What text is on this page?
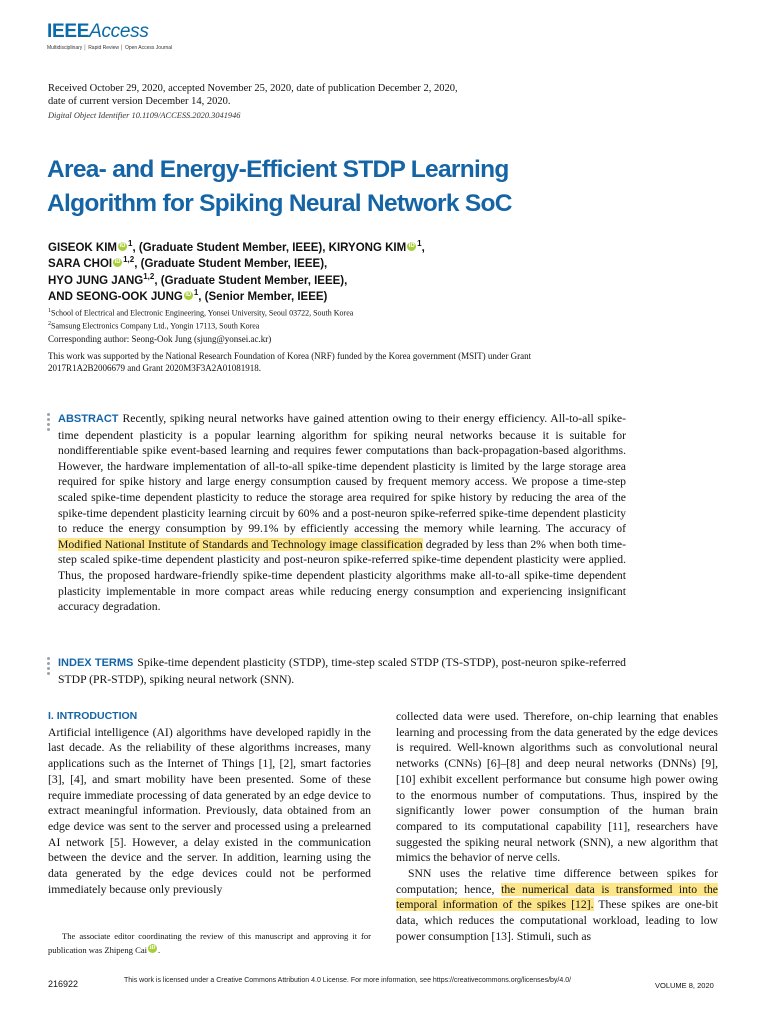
IEEEAccess
Multidisciplinary │ Rapid Review │ Open Access Journal
Received October 29, 2020, accepted November 25, 2020, date of publication December 2, 2020,
date of current version December 14, 2020.
Digital Object Identifier 10.1109/ACCESS.2020.3041946
Area- and Energy-Efficient STDP Learning
Algorithm for Spiking Neural Network SoC
GISEOK KIM iD $^1$, (Graduate Student Member, IEEE), KIRYONG KIM iD $^1$,
SARA CHOI iD $^{1,2}$, (Graduate Student Member, IEEE),
HYO JUNG JANG$^{1,2}$, (Graduate Student Member, IEEE),
AND SEONG-OOK JUNG iD $^1$, (Senior Member, IEEE)
$^1$School of Electrical and Electronic Engineering, Yonsei University, Seoul 03722, South Korea
$^2$Samsung Electronics Company Ltd., Yongin 17113, South Korea
Corresponding author: Seong-Ook Jung (sjung@yonsei.ac.kr)
This work was supported by the National Research Foundation of Korea (NRF) funded by the Korea government (MSIT) under Grant 2017R1A2B2006679 and Grant 2020M3F3A2A01081918.
ABSTRACT Recently, spiking neural networks have gained attention owing to their energy efficiency. All-to-all spike-time dependent plasticity is a popular learning algorithm for spiking neural networks because it is suitable for nondifferentiable spike event-based learning and requires fewer computations than back-propagation-based algorithms. However, the hardware implementation of all-to-all spike-time dependent plasticity is limited by the large storage area required for spike history and large energy consumption caused by frequent memory access. We propose a time-step scaled spike-time dependent plasticity to reduce the storage area required for spike history by reducing the area of the spike-time dependent plasticity learning circuit by 60% and a post-neuron spike-referred spike-time dependent plasticity to reduce the energy consumption by 99.1% by efficiently accessing the memory while learning. The accuracy of Modified National Institute of Standards and Technology image classification degraded by less than 2% when both time-step scaled spike-time dependent plasticity and post-neuron spike-referred spike-time dependent plasticity were applied. Thus, the proposed hardware-friendly spike-time dependent plasticity algorithms make all-to-all spike-time dependent plasticity implementable in more compact areas while reducing energy consumption and experiencing insignificant accuracy degradation.
INDEX TERMS Spike-time dependent plasticity (STDP), time-step scaled STDP (TS-STDP), post-neuron spike-referred STDP (PR-STDP), spiking neural network (SNN).
I. INTRODUCTION
Artificial intelligence (AI) algorithms have developed rapidly in the last decade. As the reliability of these algorithms increases, many applications such as the Internet of Things [1], [2], smart factories [3], [4], and smart mobility have been presented. Some of these require immediate processing of data generated by an edge device to extract meaningful information. Previously, data obtained from an edge device was sent to the server and processed using a prelearned AI network [5]. However, a delay existed in the communication between the device and the server. In addition, learning using the data generated by the edge devices could not be performed immediately because only previously
The associate editor coordinating the review of this manuscript and approving it for publication was Zhipeng Cai iD .
collected data were used. Therefore, on-chip learning that enables learning and processing from the data generated by the edge devices is required. Well-known algorithms such as convolutional neural networks (CNNs) [6]–[8] and deep neural networks (DNNs) [9], [10] exhibit excellent performance but consume high power owing to the enormous number of computations. Thus, inspired by the significantly lower power consumption of the human brain compared to its computational capability [11], researchers have suggested the spiking neural network (SNN), a new algorithm that mimics the behavior of nerve cells.
SNN uses the relative time difference between spikes for computation; hence, the numerical data is transformed into the temporal information of the spikes [12]. These spikes are one-bit data, which reduces the computational workload, leading to low power consumption [13]. Stimuli, such as
216922	This work is licensed under a Creative Commons Attribution 4.0 License. For more information, see https://creativecommons.org/licenses/by/4.0/
VOLUME 8, 2020
